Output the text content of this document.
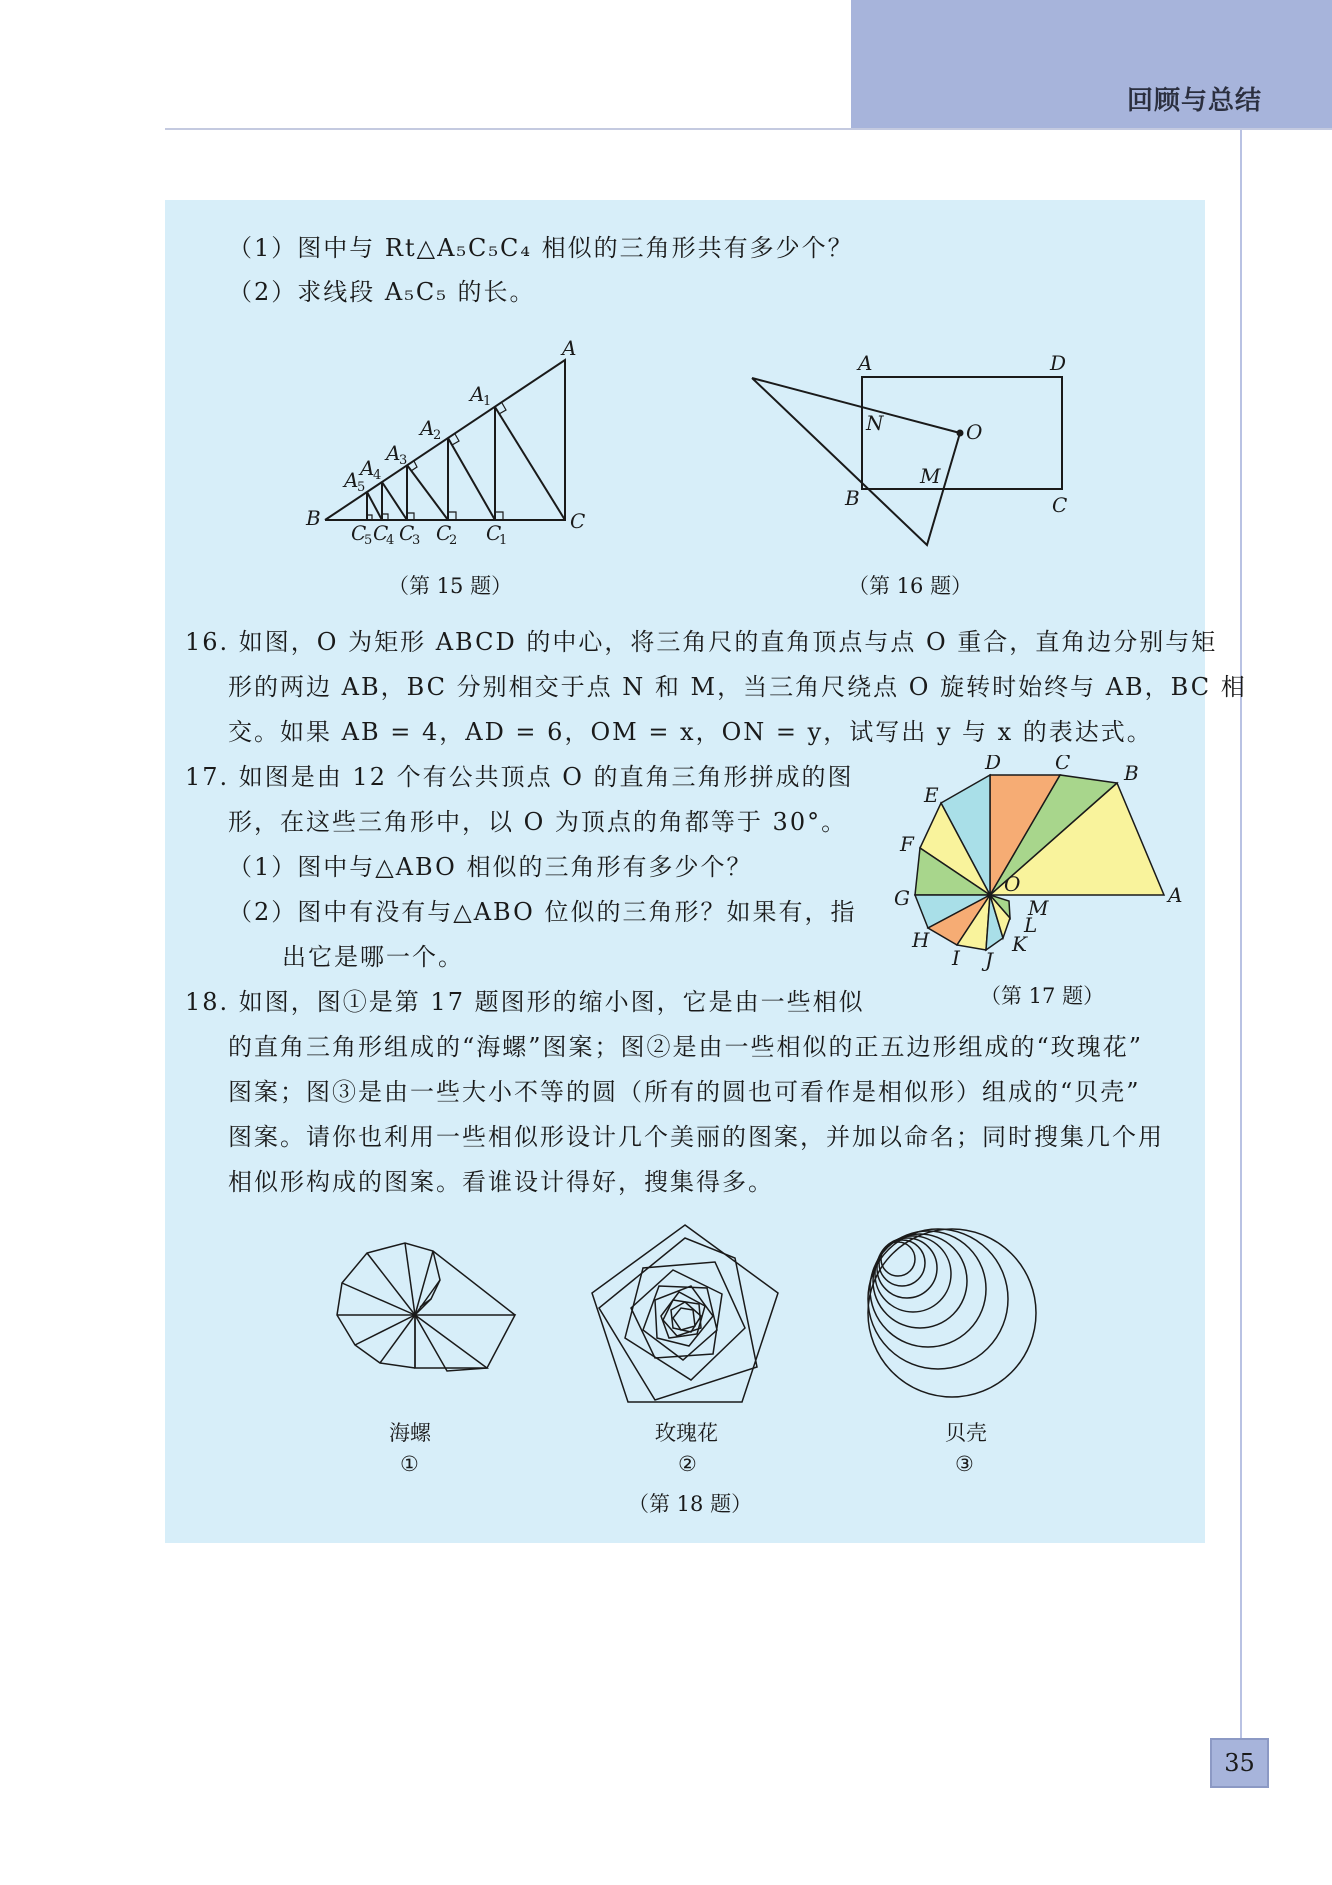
回顾与总结
（1）图中与 Rt△A₅C₅C₄ 相似的三角形共有多少个？
（2）求线段 A₅C₅ 的长。
A
A
1
A
2
A
3
A
4
A
5
B	C
C
1
C
2
C
3
C
4
C
5
（第 15 题）
A	D
N	O
M
B	C
（第 16 题）
16. 如图，O 为矩形 ABCD 的中心，将三角尺的直角顶点与点 O 重合，直角边分别与矩
形的两边 AB，BC 分别相交于点 N 和 M，当三角尺绕点 O 旋转时始终与 AB，BC 相
交。如果 AB = 4，AD = 6，OM = x，ON = y，试写出 y 与 x 的表达式。
17. 如图是由 12 个有公共顶点 O 的直角三角形拼成的图
形，在这些三角形中，以 O 为顶点的角都等于 30°。
（1）图中与△ABO 相似的三角形有多少个？
（2）图中有没有与△ABO 位似的三角形？如果有，指
出它是哪一个。
A
B
C
D
E
F
G
H
I J
K
L
M
O
（第 17 题）
18. 如图，图①是第 17 题图形的缩小图，它是由一些相似
的直角三角形组成的“海螺”图案；图②是由一些相似的正五边形组成的“玫瑰花”
图案；图③是由一些大小不等的圆（所有的圆也可看作是相似形）组成的“贝壳”
图案。请你也利用一些相似形设计几个美丽的图案，并加以命名；同时搜集几个用
相似形构成的图案。看谁设计得好，搜集得多。
海螺
①
玫瑰花
②
贝壳
③
（第 18 题）
35
